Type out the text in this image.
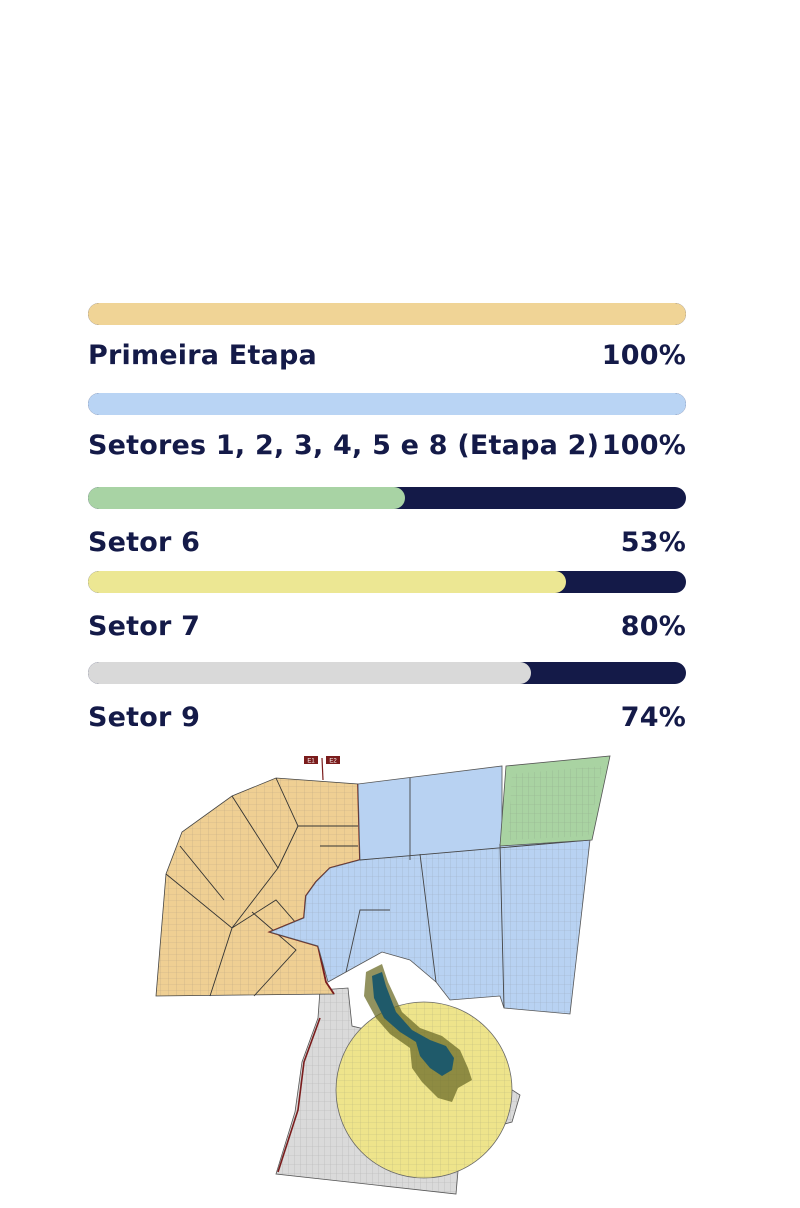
Primeira Etapa	100%
Setores 1, 2, 3, 4, 5 e 8 (Etapa 2) 100%
Setor 6	53%
Setor 7	80%
Setor 9	74%
E1 E2
